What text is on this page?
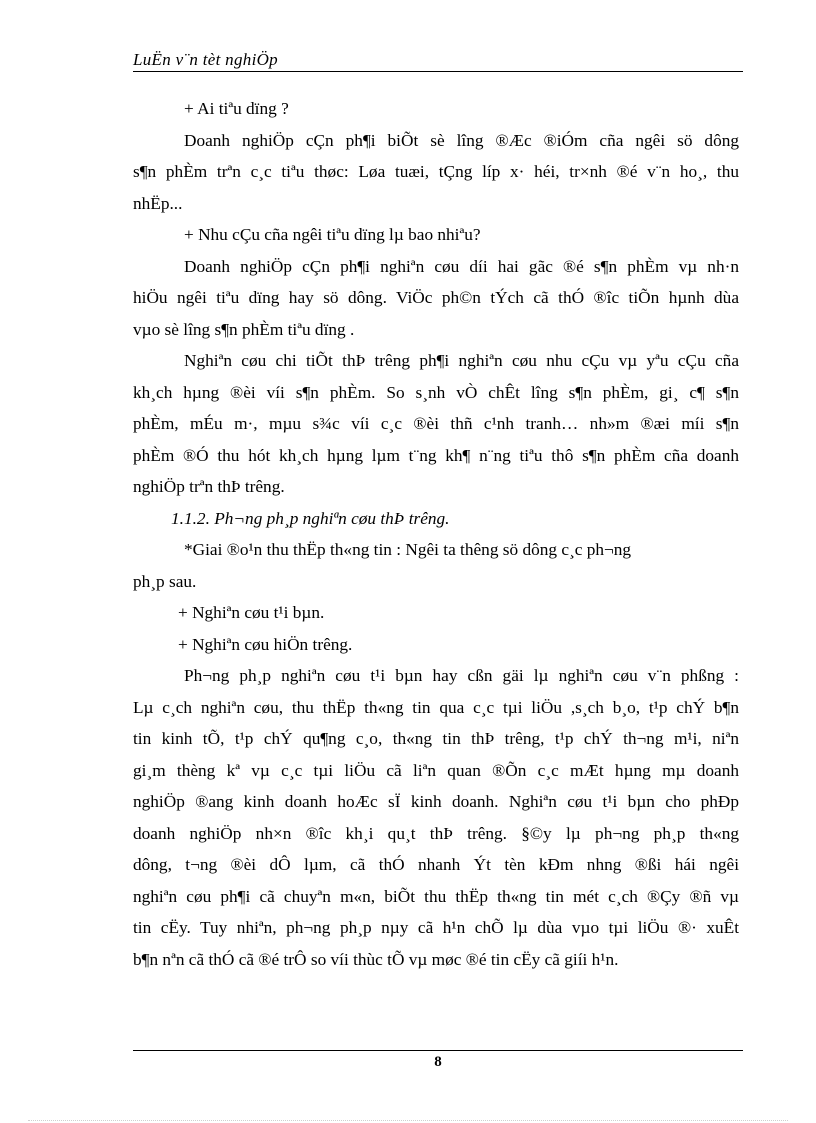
LuËn v¨n tèt nghiÖp

+ Ai tiªu dïng ?

Doanh nghiÖp cÇn ph¶i biÕt sè lîng ®Æc ®iÓm cña ngêi sö dông

s¶n phÈm trªn c¸c tiªu thøc: Løa tuæi, tÇng líp x· héi, tr×nh ®é v¨n ho¸, thu

nhËp...

+ Nhu cÇu cña ngêi tiªu dïng lµ bao nhiªu?

Doanh nghiÖp cÇn ph¶i nghiªn cøu díi hai gãc ®é s¶n phÈm vµ nh·n

hiÖu ngêi tiªu dïng hay sö dông. ViÖc ph©n tÝch cã thÓ ®îc tiÕn hµnh dùa

vµo sè lîng s¶n phÈm tiªu dïng .

Nghiªn cøu chi tiÕt thÞ trêng ph¶i nghiªn cøu nhu cÇu vµ yªu cÇu cña

kh¸ch hµng ®èi víi s¶n phÈm. So s¸nh vÒ chÊt lîng s¶n phÈm, gi¸ c¶ s¶n

phÈm, mÉu m·, mµu s¾c víi c¸c ®èi thñ c¹nh tranh… nh»m ®æi míi s¶n

phÈm ®Ó thu hót kh¸ch hµng lµm t¨ng kh¶ n¨ng tiªu thô s¶n phÈm cña doanh

nghiÖp trªn thÞ trêng.

1.1.2. Ph¬ng ph¸p nghiªn cøu thÞ trêng.

*Giai ®o¹n thu thËp th«ng tin : Ngêi ta thêng sö dông c¸c ph¬ng

ph¸p sau.

+ Nghiªn cøu t¹i bµn.

+ Nghiªn cøu hiÖn trêng.

Ph¬ng ph¸p nghiªn cøu t¹i bµn hay cßn gäi lµ nghiªn cøu v¨n phßng :

Lµ c¸ch nghiªn cøu, thu thËp th«ng tin qua c¸c tµi liÖu ,s¸ch b¸o, t¹p chÝ b¶n

tin kinh tÕ, t¹p chÝ qu¶ng c¸o, th«ng tin thÞ trêng, t¹p chÝ th¬ng m¹i, niªn

gi¸m thèng kª vµ c¸c tµi liÖu cã liªn quan ®Õn c¸c mÆt hµng mµ doanh

nghiÖp ®ang kinh doanh hoÆc sÏ kinh doanh. Nghiªn cøu t¹i bµn cho phÐp

doanh nghiÖp nh×n ®îc kh¸i qu¸t thÞ trêng. §©y lµ ph¬ng ph¸p th«ng

dông, t¬ng ®èi dÔ lµm, cã thÓ nhanh Ýt tèn kÐm nhng ®ßi hái ngêi

nghiªn cøu ph¶i cã chuyªn m«n, biÕt thu thËp th«ng tin mét c¸ch ®Çy ®ñ vµ

tin cËy. Tuy nhiªn, ph¬ng ph¸p nµy cã h¹n chÕ lµ dùa vµo tµi liÖu ®· xuÊt

b¶n nªn cã thÓ cã ®é trÔ so víi thùc tÕ vµ møc ®é tin cËy cã giíi h¹n.

8
